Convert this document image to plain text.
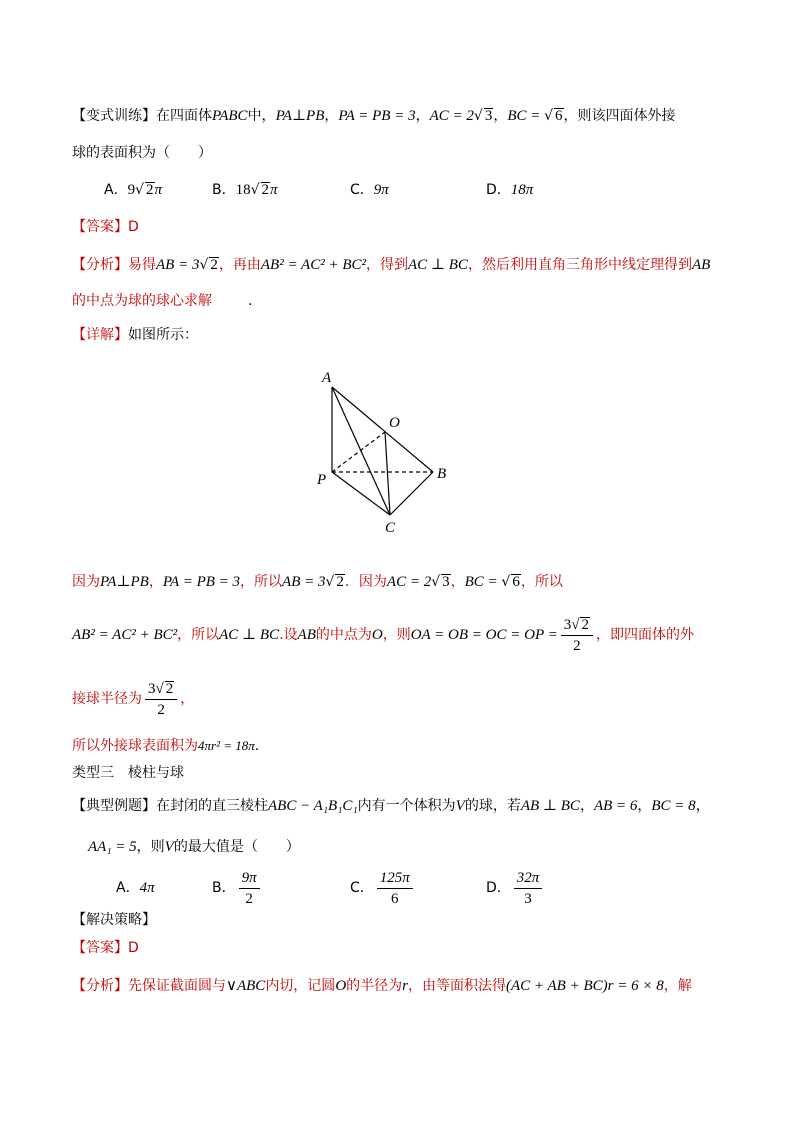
【变式训练】在四面体PABC中，PA⊥PB，PA = PB = 3，AC = 2√ 3，BC = √ 6，则该四面体外接
球的表面积为（　　）
A．9√ 2π	B．18√ 2π	C．9π	D．18π
【答案】D
【分析】易得AB = 3√ 2，再由AB² = AC² + BC²，得到AC ⊥ BC，然后利用直角三角形中线定理得到AB
的中点为球的球心求解	.
【详解】如图所示：
A
O
B
P
C
因为PA⊥PB，PA = PB = 3，所以AB = 3√ 2．因为AC = 2√ 3，BC = √ 6，所以
AB² = AC² + BC²，所以AC ⊥ BC.设AB的中点为O，则OA = OB = OC = OP = $\frac{3√ 2}{2}$ ，即四面体的外
接球半径为 $\frac{3√ 2}{2}$ ，
所以外接球表面积为4πr² = 18π.
类型三　棱柱与球
【典型例题】在封闭的直三棱柱ABC − A₁B₁C₁内有一个体积为V的球，若AB ⊥ BC，AB = 6，BC = 8，
AA₁ = 5，则V的最大值是（　　）
A．4π	B． $\frac{9\pi}{2}$	C． $\frac{125\pi}{6}$	D． $\frac{32\pi}{3}$
【解决策略】
【答案】D
【分析】先保证截面圆与∨ABC内切，记圆O的半径为r，由等面积法得(AC + AB + BC)r = 6 × 8，解
